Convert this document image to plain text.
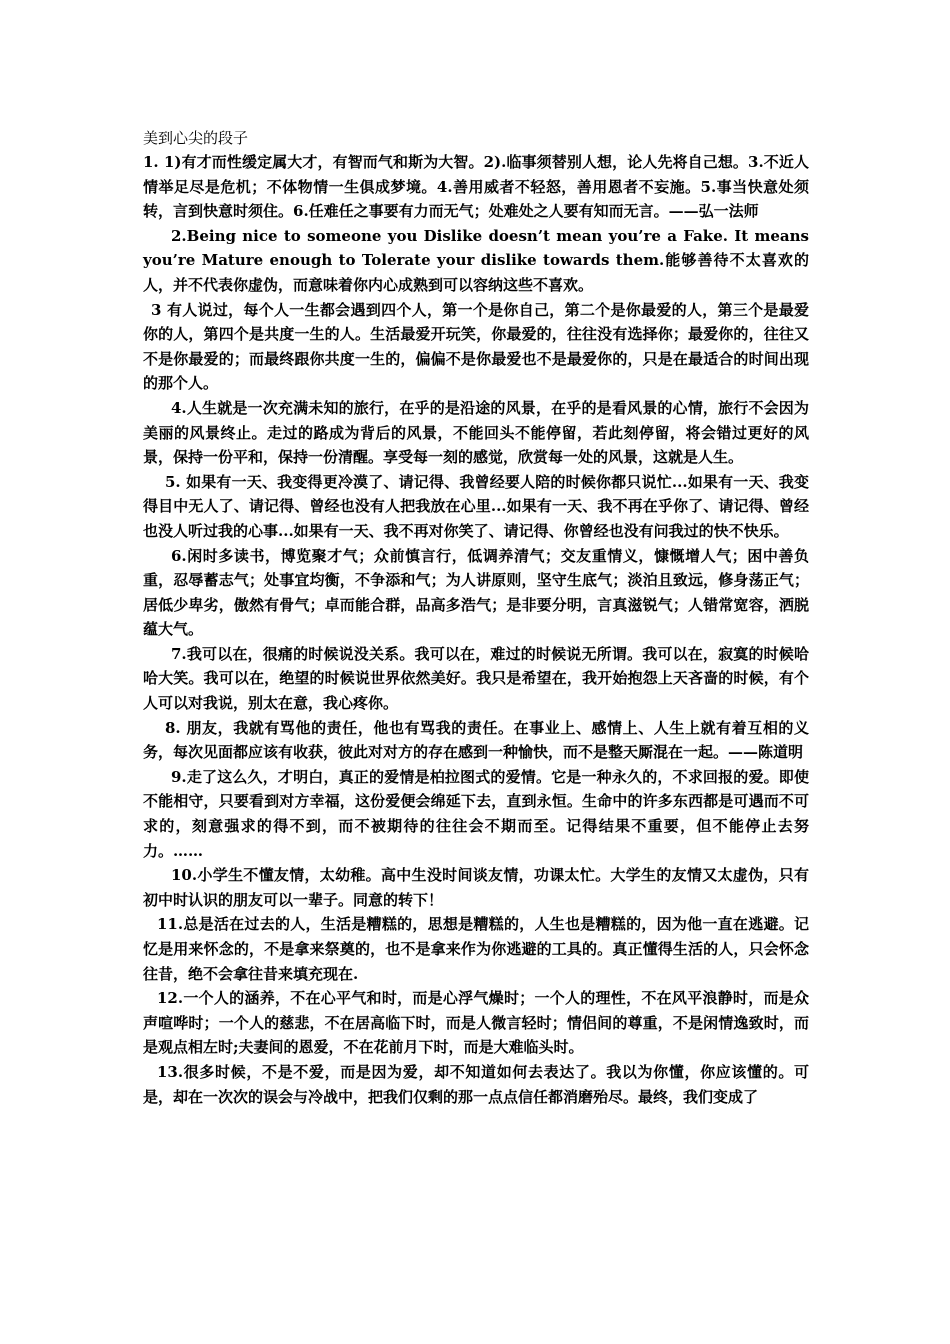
美到心尖的段子

1. 1)有才而性缓定属大才，有智而气和斯为大智。2).临事须替别人想，论人先将自己想。3.不近人情举足尽是危机；不体物情一生俱成梦境。4.善用威者不轻怒，善用恩者不妄施。5.事当快意处须转，言到快意时须住。6.任难任之事要有力而无气；处难处之人要有知而无言。——弘一法师

2.Being nice to someone you Dislike doesn’t mean you’re a Fake. It means you’re Mature enough to Tolerate your dislike towards them.能够善待不太喜欢的人，并不代表你虚伪，而意味着你内心成熟到可以容纳这些不喜欢。

3 有人说过，每个人一生都会遇到四个人，第一个是你自己，第二个是你最爱的人，第三个是最爱你的人，第四个是共度一生的人。生活最爱开玩笑，你最爱的，往往没有选择你；最爱你的，往往又不是你最爱的；而最终跟你共度一生的，偏偏不是你最爱也不是最爱你的，只是在最适合的时间出现的那个人。

4.人生就是一次充满未知的旅行，在乎的是沿途的风景，在乎的是看风景的心情，旅行不会因为美丽的风景终止。走过的路成为背后的风景，不能回头不能停留，若此刻停留，将会错过更好的风景，保持一份平和，保持一份清醒。享受每一刻的感觉，欣赏每一处的风景，这就是人生。

5. 如果有一天、我变得更冷漠了、请记得、我曾经要人陪的时候你都只说忙...如果有一天、我变得目中无人了、请记得、曾经也没有人把我放在心里...如果有一天、我不再在乎你了、请记得、曾经也没人听过我的心事...如果有一天、我不再对你笑了、请记得、你曾经也没有问我过的快不快乐。

6.闲时多读书，博览聚才气；众前慎言行，低调养清气；交友重情义，慷慨增人气；困中善负重，忍辱蓄志气；处事宜均衡，不争添和气；为人讲原则，坚守生底气；淡泊且致远，修身荡正气；居低少卑劣，傲然有骨气；卓而能合群，品高多浩气；是非要分明，言真滋锐气；人错常宽容，洒脱蕴大气。

7.我可以在，很痛的时候说没关系。我可以在，难过的时候说无所谓。我可以在，寂寞的时候哈哈大笑。我可以在，绝望的时候说世界依然美好。我只是希望在，我开始抱怨上天吝啬的时候，有个人可以对我说，别太在意，我心疼你。

8. 朋友，我就有骂他的责任，他也有骂我的责任。在事业上、感情上、人生上就有着互相的义务，每次见面都应该有收获，彼此对对方的存在感到一种愉快，而不是整天厮混在一起。——陈道明

9.走了这么久，才明白，真正的爱情是柏拉图式的爱情。它是一种永久的，不求回报的爱。即使不能相守，只要看到对方幸福，这份爱便会绵延下去，直到永恒。生命中的许多东西都是可遇而不可求的，刻意强求的得不到，而不被期待的往往会不期而至。记得结果不重要，但不能停止去努力。……

10.小学生不懂友情，太幼稚。高中生没时间谈友情，功课太忙。大学生的友情又太虚伪，只有初中时认识的朋友可以一辈子。同意的转下！

11.总是活在过去的人，生活是糟糕的，思想是糟糕的，人生也是糟糕的，因为他一直在逃避。记忆是用来怀念的，不是拿来祭奠的，也不是拿来作为你逃避的工具的。真正懂得生活的人，只会怀念往昔，绝不会拿往昔来填充现在.

12.一个人的涵养，不在心平气和时，而是心浮气燥时；一个人的理性，不在风平浪静时，而是众声喧哗时；一个人的慈悲，不在居高临下时，而是人微言轻时；情侣间的尊重，不是闲情逸致时，而是观点相左时;夫妻间的恩爱，不在花前月下时，而是大难临头时。

13.很多时候，不是不爱，而是因为爱，却不知道如何去表达了。我以为你懂，你应该懂的。可是，却在一次次的误会与冷战中，把我们仅剩的那一点点信任都消磨殆尽。最终，我们变成了
